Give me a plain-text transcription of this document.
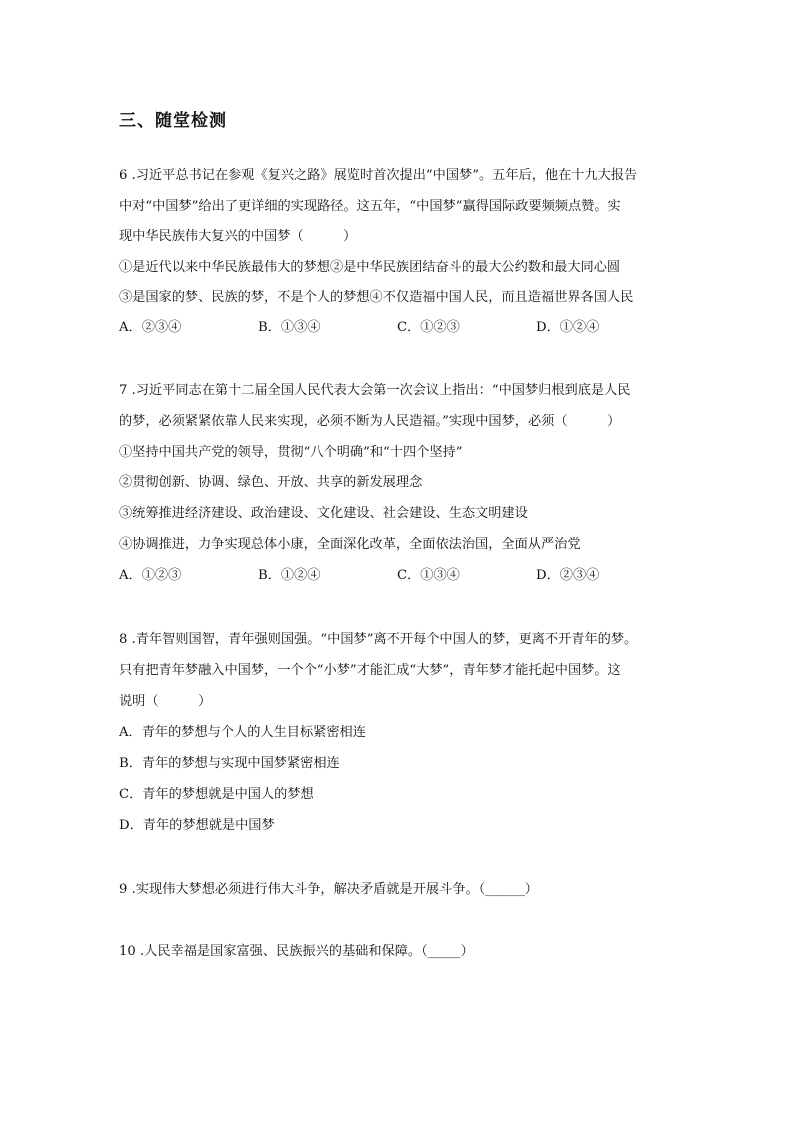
三、随堂检测
6 .习近平总书记在参观《复兴之路》展览时首次提出“中国梦”。五年后，他在十九大报告
中对“中国梦”给出了更详细的实现路径。这五年，“中国梦”赢得国际政要频频点赞。实
现中华民族伟大复兴的中国梦（　　　）
①是近代以来中华民族最伟大的梦想②是中华民族团结奋斗的最大公约数和最大同心圆
③是国家的梦、民族的梦，不是个人的梦想④不仅造福中国人民，而且造福世界各国人民
A．②③④	B．①③④	C．①②③	D．①②④
7 .习近平同志在第十二届全国人民代表大会第一次会议上指出：“中国梦归根到底是人民
的梦，必须紧紧依靠人民来实现，必须不断为人民造福。”实现中国梦，必须（　　　）
①坚持中国共产党的领导，贯彻“八个明确”和“十四个坚持”
②贯彻创新、协调、绿色、开放、共享的新发展理念
③统筹推进经济建设、政治建设、文化建设、社会建设、生态文明建设
④协调推进，力争实现总体小康，全面深化改革，全面依法治国，全面从严治党
A．①②③	B．①②④	C．①③④	D．②③④
8 .青年智则国智，青年强则国强。“中国梦”离不开每个中国人的梦，更离不开青年的梦。
只有把青年梦融入中国梦，一个个“小梦”才能汇成“大梦”，青年梦才能托起中国梦。这
说明（　　　）
A．青年的梦想与个人的人生目标紧密相连
B．青年的梦想与实现中国梦紧密相连
C．青年的梦想就是中国人的梦想
D．青年的梦想就是中国梦
9 .实现伟大梦想必须进行伟大斗争，解决矛盾就是开展斗争。（______）
10 .人民幸福是国家富强、民族振兴的基础和保障。（_____）
